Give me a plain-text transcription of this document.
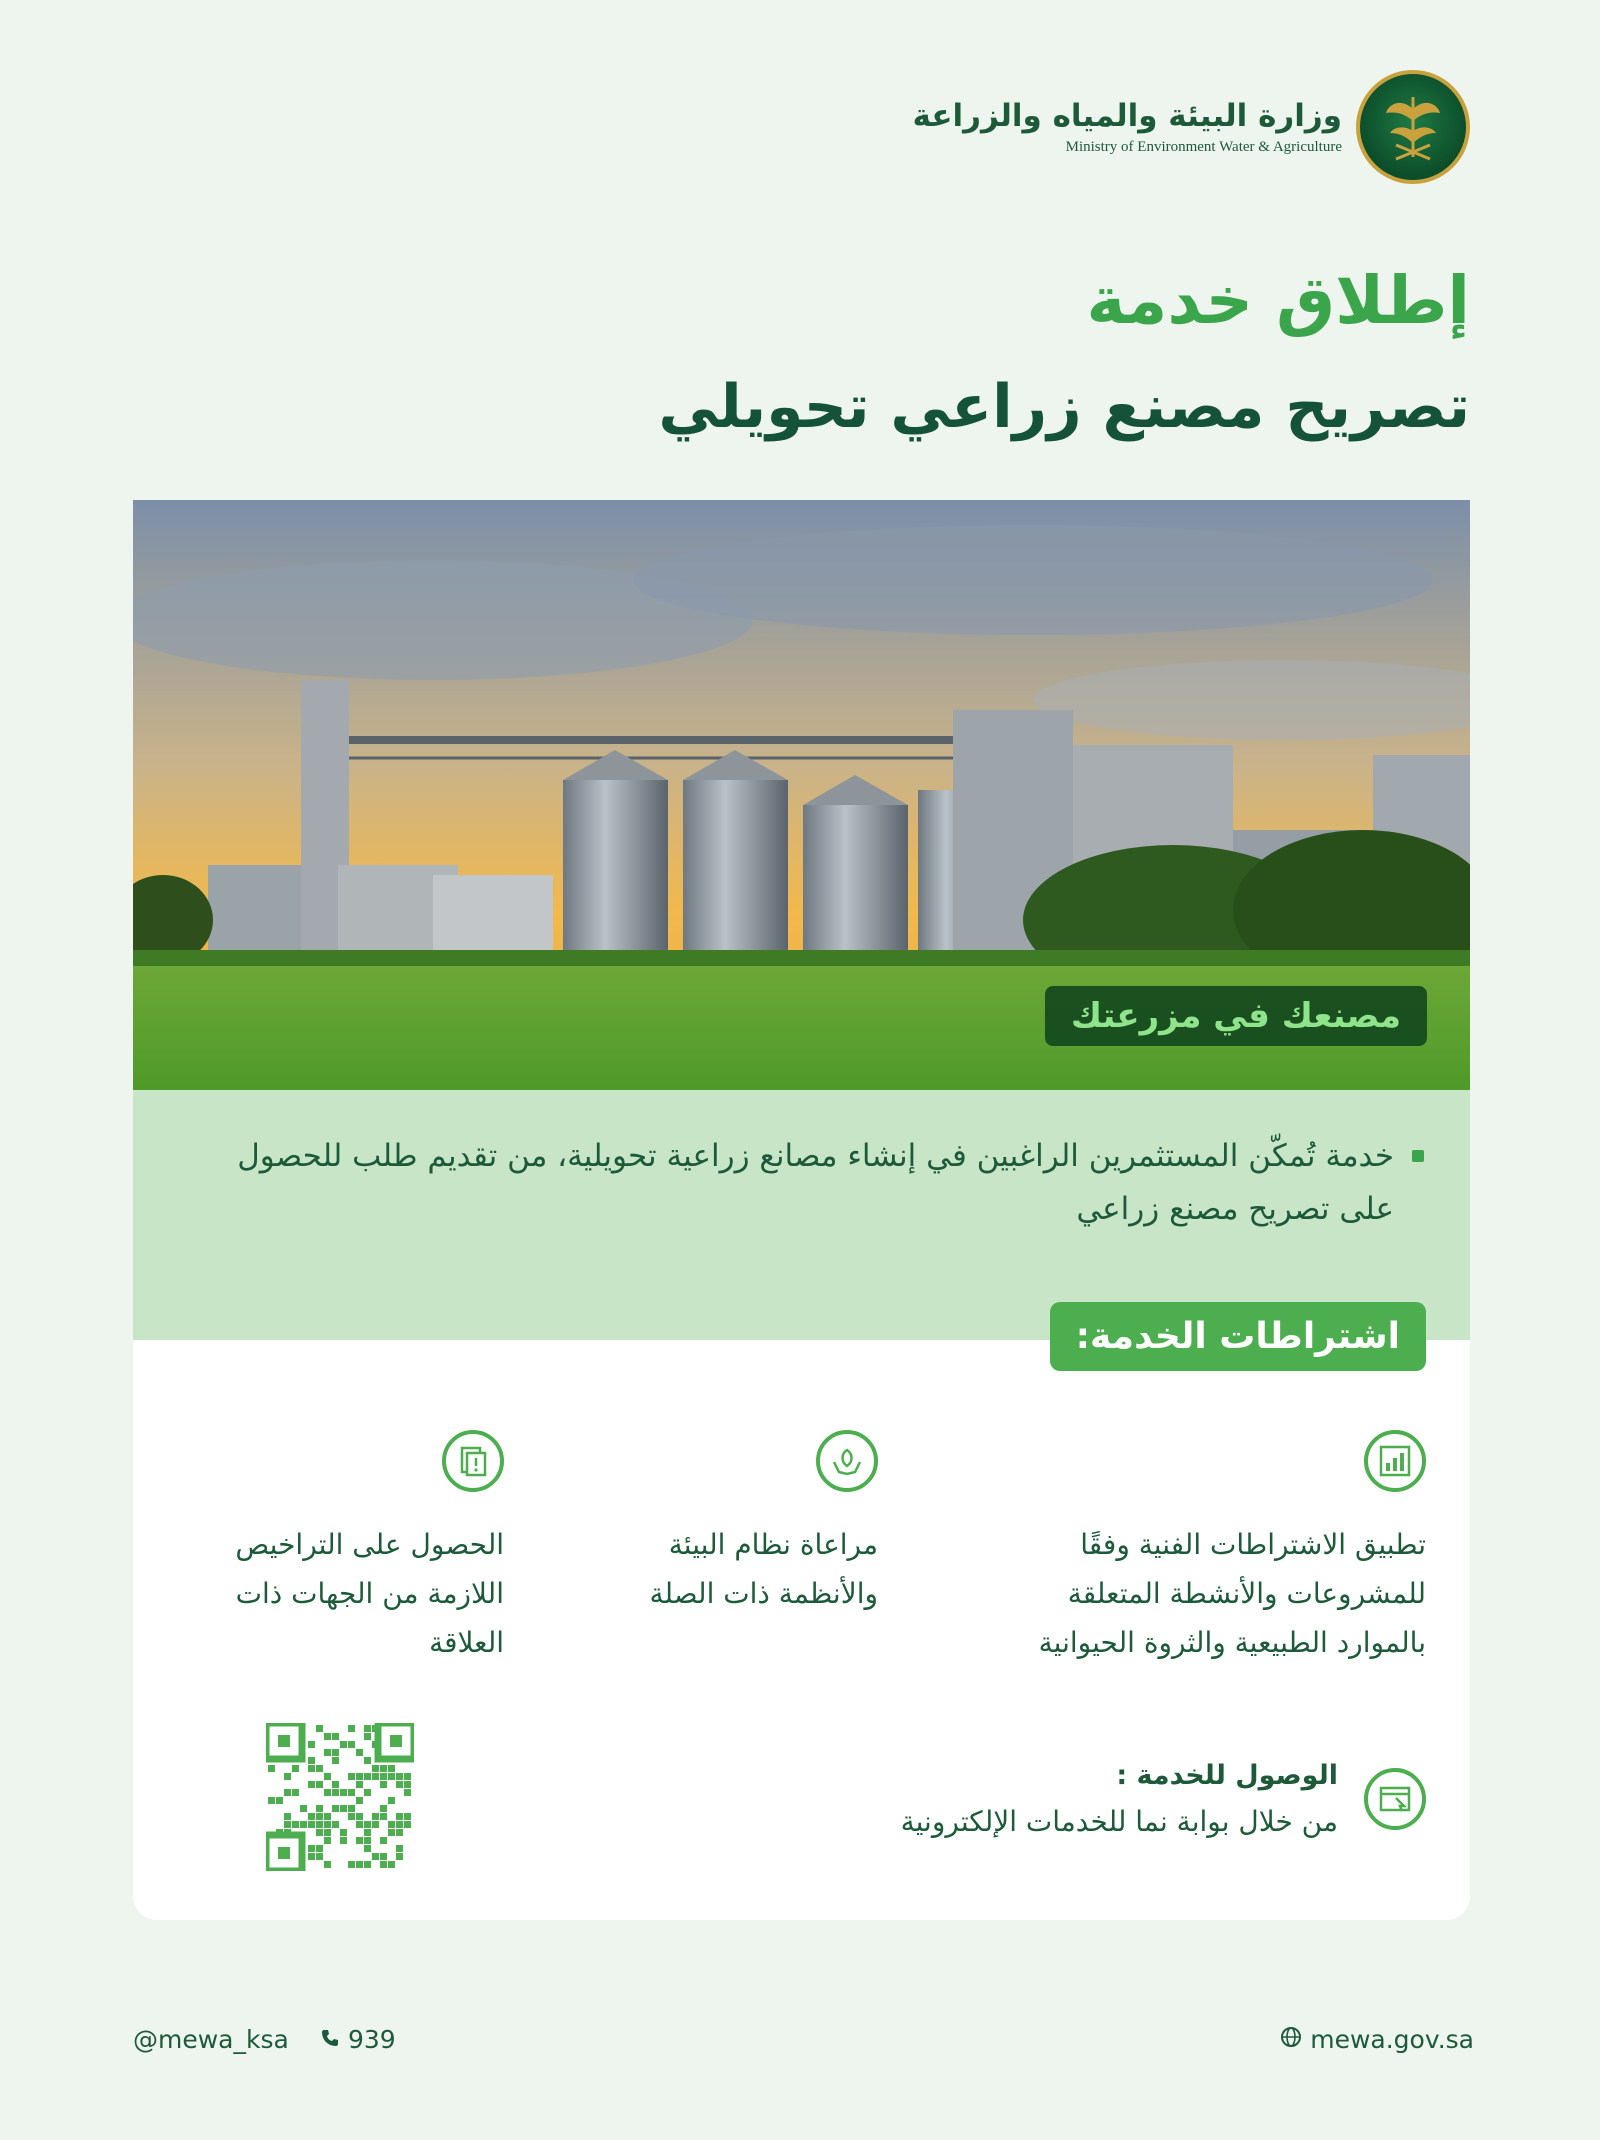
وزارة البيئة والمياه والزراعة
Ministry of Environment Water & Agriculture
إطلاق خدمة
تصريح مصنع زراعي تحويلي
مصنعك في مزرعتك
خدمة تُمكّن المستثمرين الراغبين في إنشاء مصانع زراعية تحويلية، من تقديم طلب للحصول على تصريح مصنع زراعي
اشتراطات الخدمة:
تطبيق الاشتراطات الفنية وفقًا للمشروعات والأنشطة المتعلقة بالموارد الطبيعية والثروة الحيوانية
مراعاة نظام البيئة والأنظمة ذات الصلة
الحصول على التراخيص اللازمة من الجهات ذات العلاقة
الوصول للخدمة :
من خلال بوابة نما للخدمات الإلكترونية
@mewa_ksa 939	mewa.gov.sa
